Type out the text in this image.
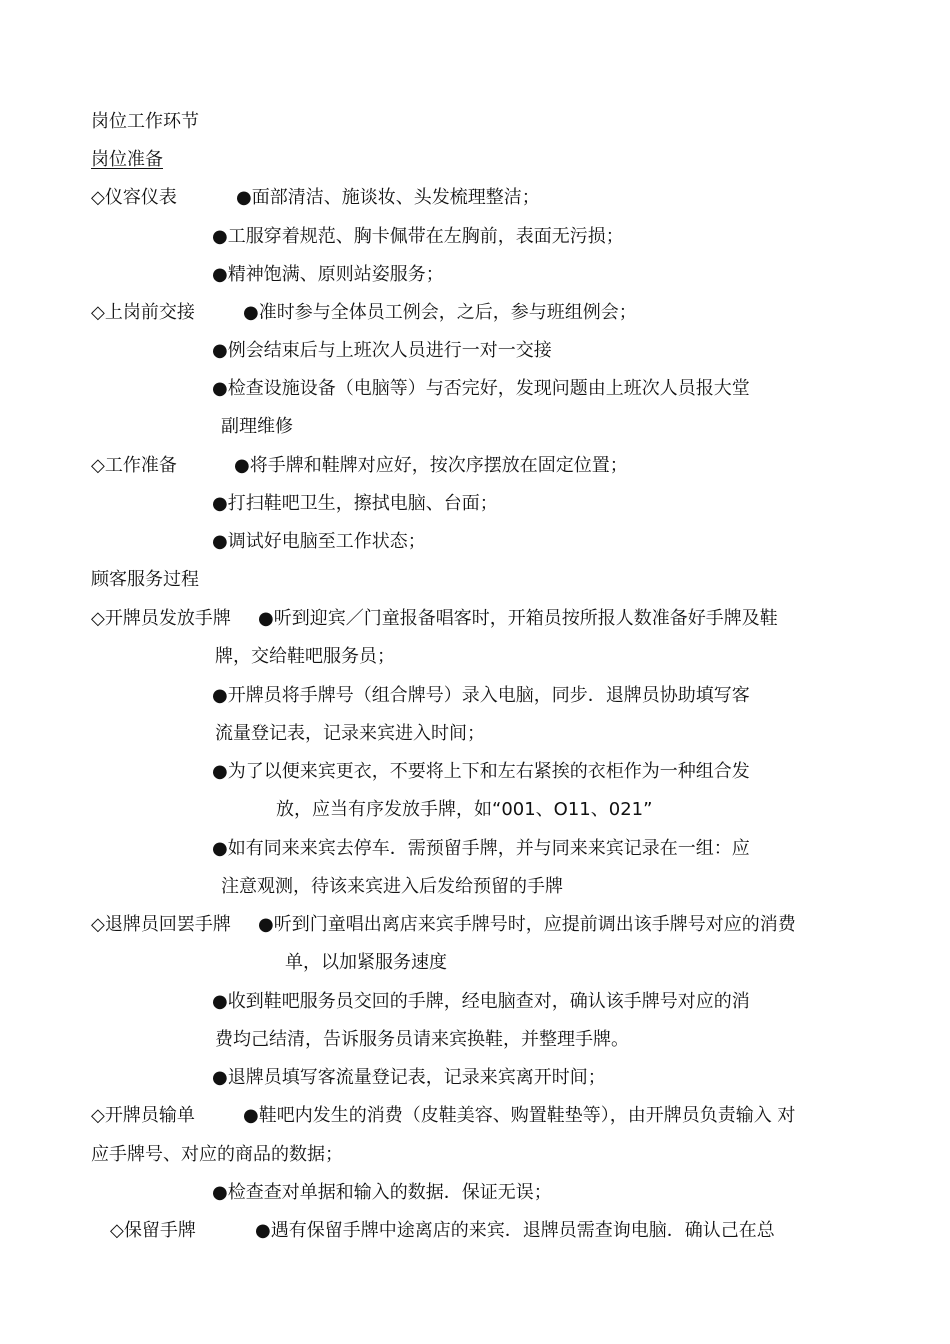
岗位工作环节
岗位准备
◇仪容仪表	●面部清洁、施谈妆、头发梳理整洁；
●工服穿着规范、胸卡佩带在左胸前，表面无污损；
●精神饱满、原则站姿服务；
◇上岗前交接	●准时参与全体员工例会，之后，参与班组例会；
●例会结束后与上班次人员进行一对一交接
●检查设施设备（电脑等）与否完好，发现问题由上班次人员报大堂
副理维修
◇工作准备	●将手牌和鞋牌对应好，按次序摆放在固定位置；
●打扫鞋吧卫生，擦拭电脑、台面；
●调试好电脑至工作状态；
顾客服务过程
◇开牌员发放手牌 ●听到迎宾／门童报备唱客时，开箱员按所报人数准备好手牌及鞋
牌，交给鞋吧服务员；
●开牌员将手牌号（组合牌号）录入电脑，同步．退牌员协助填写客
流量登记表，记录来宾进入时间；
●为了以便来宾更衣，不要将上下和左右紧挨的衣柜作为一种组合发
放，应当有序发放手牌，如“001、O11、021”
●如有同来来宾去停车．需预留手牌，并与同来来宾记录在一组：应
注意观测，待该来宾进入后发给预留的手牌
◇退牌员回罢手牌 ●听到门童唱出离店来宾手牌号时，应提前调出该手牌号对应的消费
单，以加紧服务速度
●收到鞋吧服务员交回的手牌，经电脑查对，确认该手牌号对应的消
费均己结清，告诉服务员请来宾换鞋，并整理手牌。
●退牌员填写客流量登记表，记录来宾离开时间；
◇开牌员输单	●鞋吧内发生的消费（皮鞋美容、购置鞋垫等），由开牌员负责输入 对
应手牌号、对应的商品的数据；
●检查查对单据和输入的数据．保证无误；
◇保留手牌	●遇有保留手牌中途离店的来宾．退牌员需查询电脑．确认己在总
